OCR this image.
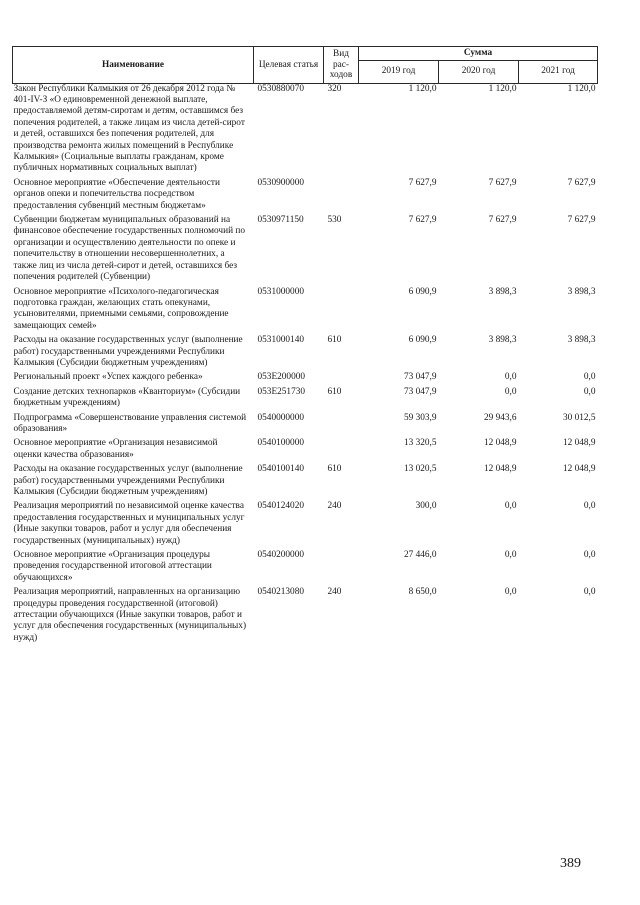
Наименование	Целевая статья	Вид рас-ходов	Сумма		
			2019 год	2020 год	2021 год
Закон Республики Калмыкия от 26 декабря 2012 года № 401-IV-З «О единовременной денежной выплате, предоставляемой детям-сиротам и детям, оставшимся без попечения родителей, а также лицам из числа детей-сирот и детей, оставшихся без попечения родителей, для производства ремонта жилых помещений в Республике Калмыкия» (Социальные выплаты гражданам, кроме публичных нормативных социальных выплат)	0530880070	320	1 120,0	1 120,0	1 120,0
Основное мероприятие «Обеспечение деятельности органов опеки и попечительства посредством предоставления субвенций местным бюджетам»	0530900000		7 627,9	7 627,9	7 627,9
Субвенции бюджетам муниципальных образований на финансовое обеспечение государственных полномочий по организации и осуществлению деятельности по опеке и попечительству в отношении несовершеннолетних, а также лиц из числа детей-сирот и детей, оставшихся без попечения родителей (Субвенции)	0530971150	530	7 627,9	7 627,9	7 627,9
Основное мероприятие «Психолого-педагогическая подготовка граждан, желающих стать опекунами, усыновителями, приемными семьями, сопровождение замещающих семей»	0531000000		6 090,9	3 898,3	3 898,3
Расходы на оказание государственных услуг (выполнение работ) государственными учреждениями Республики Калмыкия (Субсидии бюджетным учреждениям)	0531000140	610	6 090,9	3 898,3	3 898,3
Региональный проект «Успех каждого ребенка»	053E200000		73 047,9	0,0	0,0
Создание детских технопарков «Кванториум» (Субсидии бюджетным учреждениям)	053E251730	610	73 047,9	0,0	0,0
Подпрограмма «Совершенствование управления системой образования»	0540000000		59 303,9	29 943,6	30 012,5
Основное мероприятие «Организация независимой оценки качества образования»	0540100000		13 320,5	12 048,9	12 048,9
Расходы на оказание государственных услуг (выполнение работ) государственными учреждениями Республики Калмыкия (Субсидии бюджетным учреждениям)	0540100140	610	13 020,5	12 048,9	12 048,9
Реализация мероприятий по независимой оценке качества предоставления государственных и муниципальных услуг (Иные закупки товаров, работ и услуг для обеспечения государственных (муниципальных) нужд)	0540124020	240	300,0	0,0	0,0
Основное мероприятие «Организация процедуры проведения государственной итоговой аттестации обучающихся»	0540200000		27 446,0	0,0	0,0
Реализация мероприятий, направленных на организацию процедуры проведения государственной (итоговой) аттестации обучающихся (Иные закупки товаров, работ и услуг для обеспечения государственных (муниципальных) нужд)	0540213080	240	8 650,0	0,0	0,0
389
